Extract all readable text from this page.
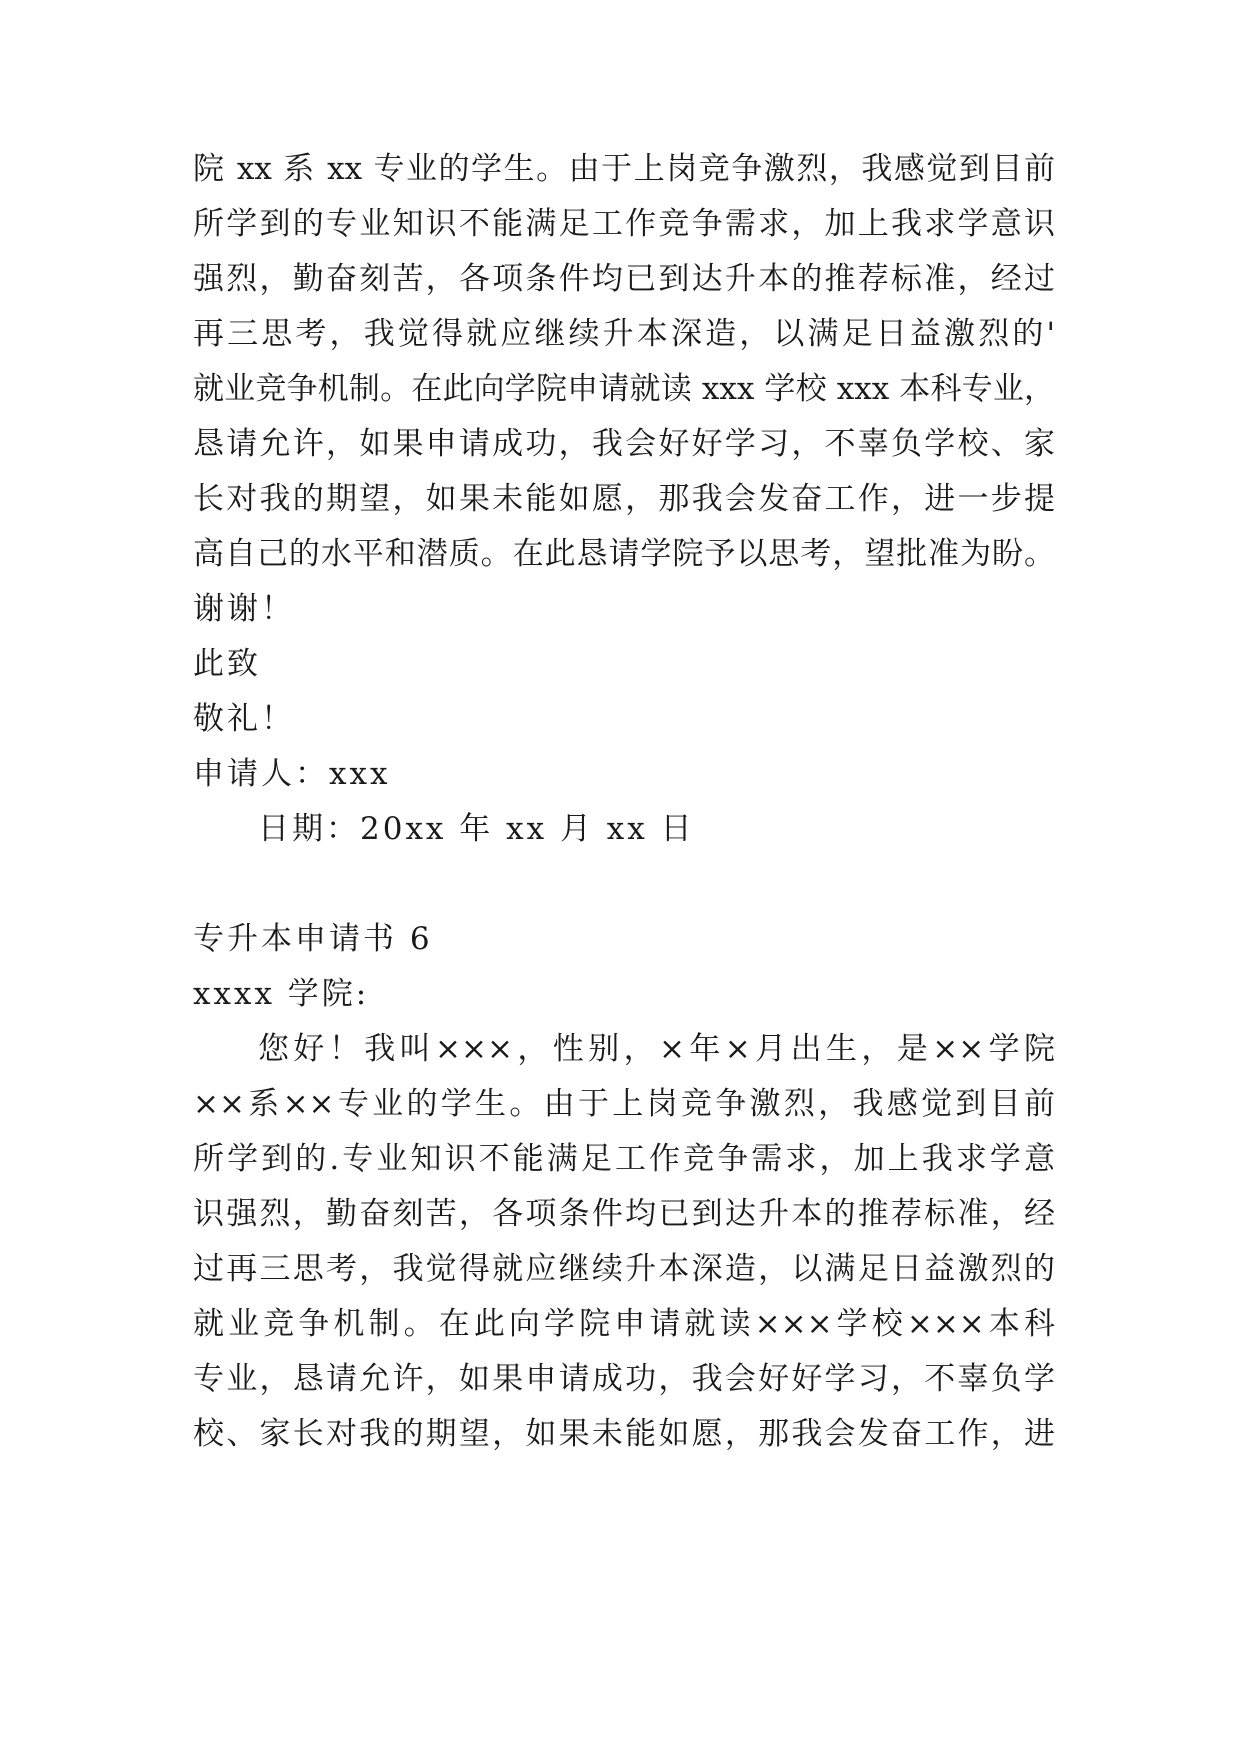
院 xx 系 xx 专业的学生。由于上岗竞争激烈，我感觉到目前
所学到的专业知识不能满足工作竞争需求，加上我求学意识
强烈，勤奋刻苦，各项条件均已到达升本的推荐标准，经过
再三思考，我觉得就应继续升本深造，以满足日益激烈的'
就业竞争机制。在此向学院申请就读 xxx 学校 xxx 本科专业，
恳请允许，如果申请成功，我会好好学习，不辜负学校、家
长对我的期望，如果未能如愿，那我会发奋工作，进一步提
高自己的水平和潜质。在此恳请学院予以思考，望批准为盼。
谢谢！
此致
敬礼！
申请人：xxx
日期：20xx 年 xx 月 xx 日
专升本申请书 6
xxxx 学院:
您好！我叫×××，性别，×年×月出生，是××学院
××系××专业的学生。由于上岗竞争激烈，我感觉到目前
所学到的.专业知识不能满足工作竞争需求，加上我求学意
识强烈，勤奋刻苦，各项条件均已到达升本的推荐标准，经
过再三思考，我觉得就应继续升本深造，以满足日益激烈的
就业竞争机制。在此向学院申请就读×××学校×××本科
专业，恳请允许，如果申请成功，我会好好学习，不辜负学
校、家长对我的期望，如果未能如愿，那我会发奋工作，进
